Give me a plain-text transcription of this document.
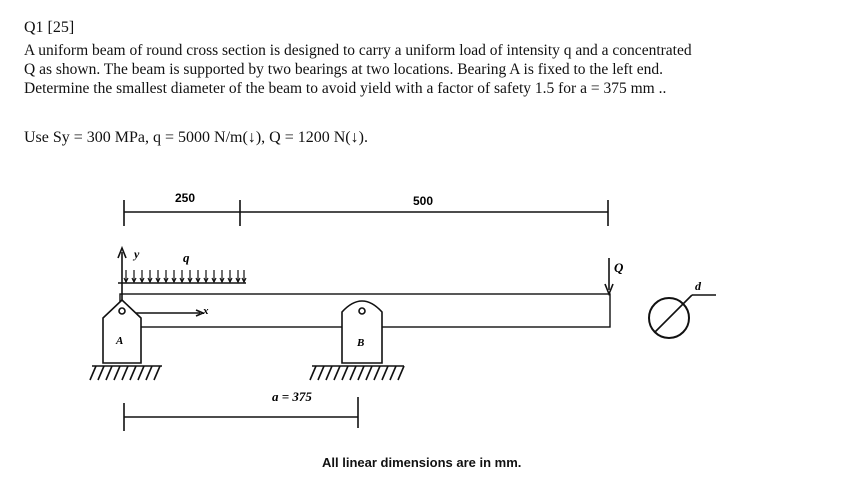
Q1 [25]
A uniform beam of round cross section is designed to carry a uniform load of intensity q and a concentrated
Q as shown. The beam is supported by two bearings at two locations. Bearing A is fixed to the left end.
Determine the smallest diameter of the beam to avoid yield with a factor of safety 1.5 for a = 375 mm ..
Use Sy = 300 MPa, q = 5000 N/m(↓), Q = 1200 N(↓).
250	500
y	q
x
Q
A	B
a = 375
d
All linear dimensions are in mm.
